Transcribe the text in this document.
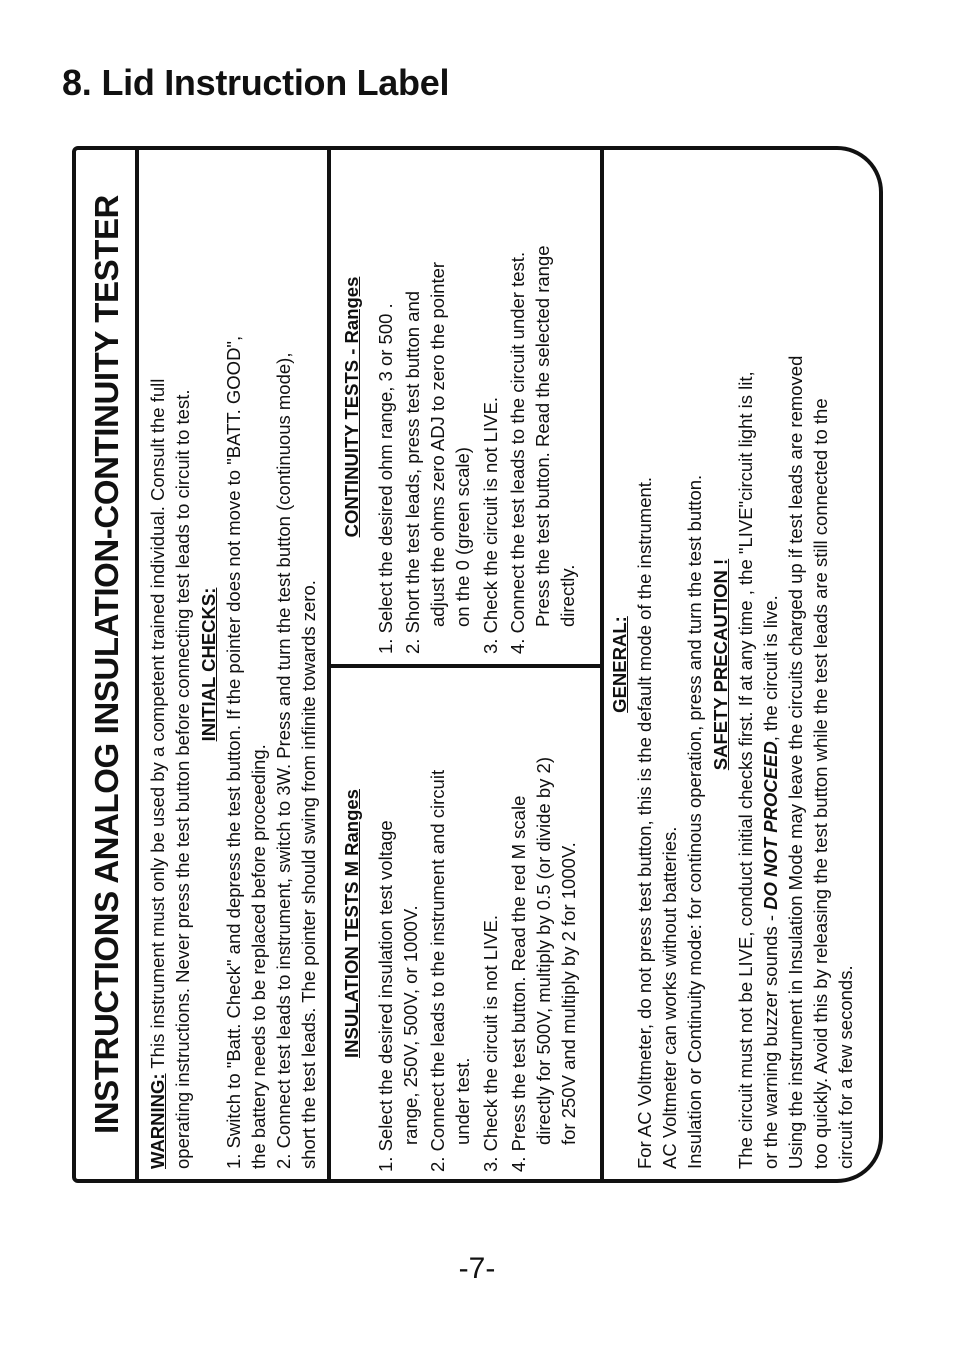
8. Lid Instruction Label
INSTRUCTIONS ANALOG INSULATION-CONTINUITY TESTER	WARNING: This instrument must only be used by a competent trained individual. Consult the full operating instructions. Never press the test button before connecting test leads to circuit to test. INITIAL CHECKS: 1. Switch to "Batt. Check" and depress the test button. If the pointer does not move to "BATT. GOOD", the battery needs to be replaced before proceeding. 2. Connect test leads to instrument, switch to 3W. Press and turn the test button (continuous mode), short the test leads. The pointer should swing from infinite towards zero. INSULATION TESTS M Ranges 1. Select the desired insulation test voltage range, 250V, 500V, or 1000V. 2. Connect the leads to the instrument and circuit under test. 3. Check the circuit is not LIVE. 4. Press the test button. Read the red M scale directly for 500V, multiply by 0.5 (or divide by 2) for 250V and multiply by 2 for 1000V.
CONTINUITY TESTS - Ranges 1. Select the desired ohm range, 3 or 500 . 2. Short the test leads, press test button and adjust the ohms zero ADJ to zero the pointer on the 0 (green scale) 3. Check the circuit is not LIVE. 4. Connect the test leads to the circuit under test. Press the test button. Read the selected range directly.
GENERAL: For AC Voltmeter, do not press test button, this is the default mode of the instrument. AC Voltmeter can works without batteries. Insulation or Continuity mode: for continous operation, press and turn the test button. SAFETY PRECAUTION ! The circuit must not be LIVE, conduct initial checks first. If at any time , the "LIVE"circuit light is lit, or the warning buzzer sounds - DO NOT PROCEED, the circuit is live. Using the instrument in Insulation Mode may leave the circuits charged up if test leads are removed too quickly. Avoid this by releasing the test button while the test leads are still connected to the circuit for a few seconds.
-7-
